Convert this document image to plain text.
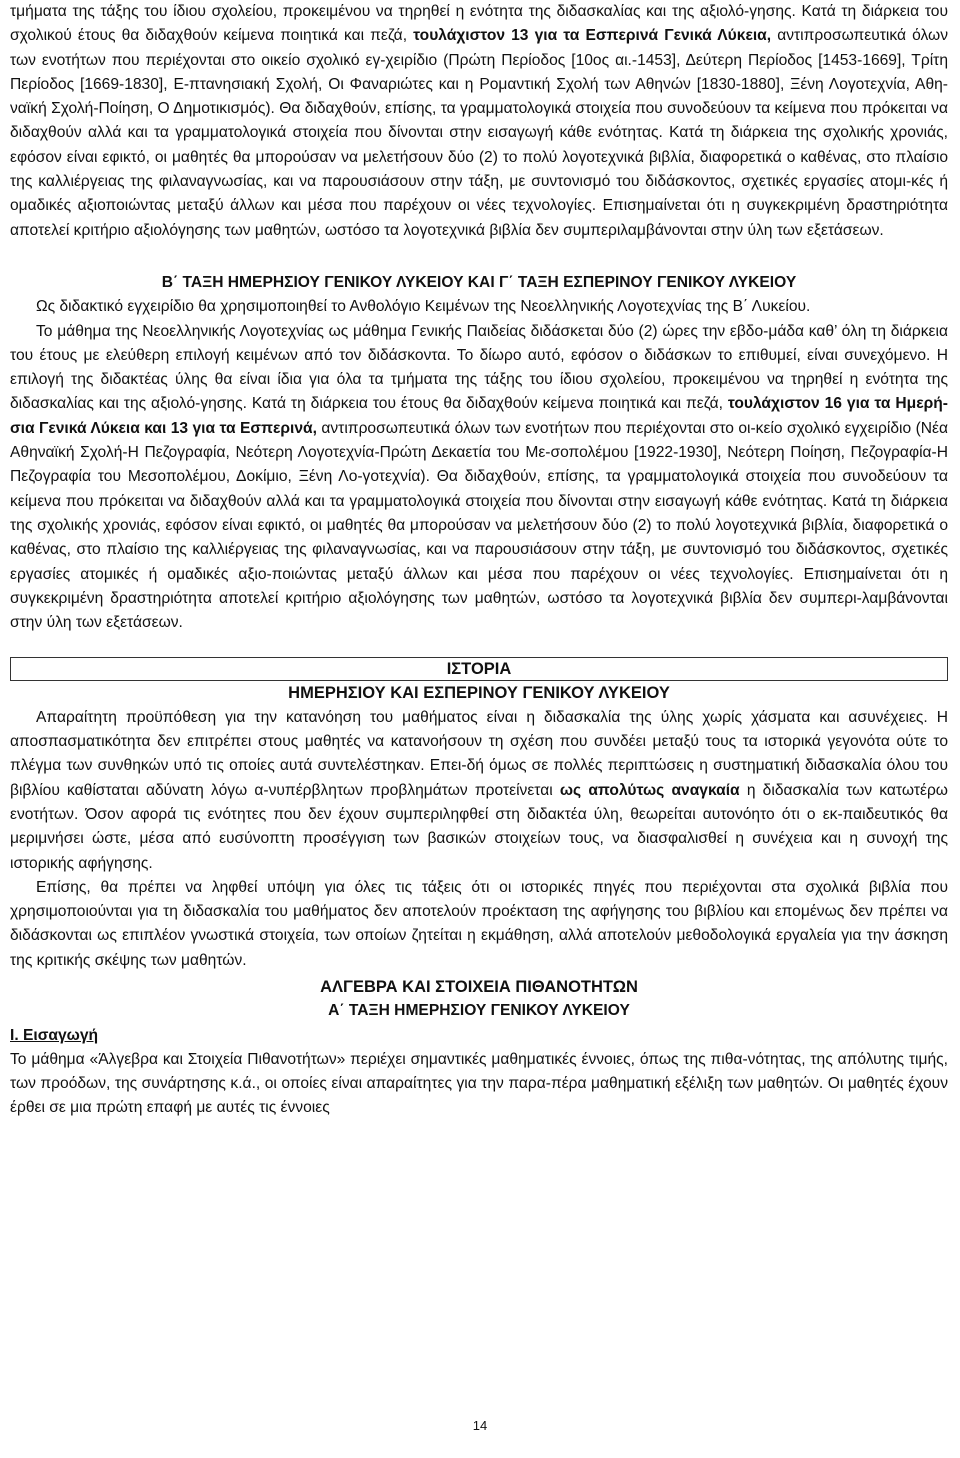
τμήματα της τάξης του ίδιου σχολείου, προκειμένου να τηρηθεί η ενότητα της διδασκαλίας και της αξιολό-γησης. Κατά τη διάρκεια του σχολικού έτους θα διδαχθούν κείμενα ποιητικά και πεζά, τουλάχιστον 13 για τα Εσπερινά Γενικά Λύκεια, αντιπροσωπευτικά όλων των ενοτήτων που περιέχονται στο οικείο σχολικό εγ-χειρίδιο (Πρώτη Περίοδος [10ος αι.-1453], Δεύτερη Περίοδος [1453-1669], Τρίτη Περίοδος [1669-1830], Ε-πτανησιακή Σχολή, Οι Φαναριώτες και η Ρομαντική Σχολή των Αθηνών [1830-1880], Ξένη Λογοτεχνία, Αθη-ναϊκή Σχολή-Ποίηση, Ο Δημοτικισμός). Θα διδαχθούν, επίσης, τα γραμματολογικά στοιχεία που συνοδεύουν τα κείμενα που πρόκειται να διδαχθούν αλλά και τα γραμματολογικά στοιχεία που δίνονται στην εισαγωγή κάθε ενότητας. Κατά τη διάρκεια της σχολικής χρονιάς, εφόσον είναι εφικτό, οι μαθητές θα μπορούσαν να μελετήσουν δύο (2) το πολύ λογοτεχνικά βιβλία, διαφορετικά ο καθένας, στο πλαίσιο της καλλιέργειας της φιλαναγνωσίας, και να παρουσιάσουν στην τάξη, με συντονισμό του διδάσκοντος, σχετικές εργασίες ατομι-κές ή ομαδικές αξιοποιώντας μεταξύ άλλων και μέσα που παρέχουν οι νέες τεχνολογίες. Επισημαίνεται ότι η συγκεκριμένη δραστηριότητα αποτελεί κριτήριο αξιολόγησης των μαθητών, ωστόσο τα λογοτεχνικά βιβλία δεν συμπεριλαμβάνονται στην ύλη των εξετάσεων.

Β΄ ΤΑΞΗ ΗΜΕΡΗΣΙΟΥ ΓΕΝΙΚΟΥ ΛΥΚΕΙΟΥ ΚΑΙ Γ΄ ΤΑΞΗ ΕΣΠΕΡΙΝΟΥ ΓΕΝΙΚΟΥ ΛΥΚΕΙΟΥ

Ως διδακτικό εγχειρίδιο θα χρησιμοποιηθεί το Ανθολόγιο Κειμένων της Νεοελληνικής Λογοτεχνίας της Β΄ Λυκείου.

Το μάθημα της Νεοελληνικής Λογοτεχνίας ως μάθημα Γενικής Παιδείας διδάσκεται δύο (2) ώρες την εβδο-μάδα καθ’ όλη τη διάρκεια του έτους με ελεύθερη επιλογή κειμένων από τον διδάσκοντα. Το δίωρο αυτό, εφόσον ο διδάσκων το επιθυμεί, είναι συνεχόμενο. Η επιλογή της διδακτέας ύλης θα είναι ίδια για όλα τα τμήματα της τάξης του ίδιου σχολείου, προκειμένου να τηρηθεί η ενότητα της διδασκαλίας και της αξιολό-γησης. Κατά τη διάρκεια του έτους θα διδαχθούν κείμενα ποιητικά και πεζά, τουλάχιστον 16 για τα Ημερή-σια Γενικά Λύκεια και 13 για τα Εσπερινά, αντιπροσωπευτικά όλων των ενοτήτων που περιέχονται στο οι-κείο σχολικό εγχειρίδιο (Νέα Αθηναϊκή Σχολή-Η Πεζογραφία, Νεότερη Λογοτεχνία-Πρώτη Δεκαετία του Με-σοπολέμου [1922-1930], Νεότερη Ποίηση, Πεζογραφία-Η Πεζογραφία του Μεσοπολέμου, Δοκίμιο, Ξένη Λο-γοτεχνία). Θα διδαχθούν, επίσης, τα γραμματολογικά στοιχεία που συνοδεύουν τα κείμενα που πρόκειται να διδαχθούν αλλά και τα γραμματολογικά στοιχεία που δίνονται στην εισαγωγή κάθε ενότητας. Κατά τη διάρκεια της σχολικής χρονιάς, εφόσον είναι εφικτό, οι μαθητές θα μπορούσαν να μελετήσουν δύο (2) το πολύ λογοτεχνικά βιβλία, διαφορετικά ο καθένας, στο πλαίσιο της καλλιέργειας της φιλαναγνωσίας, και να παρουσιάσουν στην τάξη, με συντονισμό του διδάσκοντος, σχετικές εργασίες ατομικές ή ομαδικές αξιο-ποιώντας μεταξύ άλλων και μέσα που παρέχουν οι νέες τεχνολογίες. Επισημαίνεται ότι η συγκεκριμένη δραστηριότητα αποτελεί κριτήριο αξιολόγησης των μαθητών, ωστόσο τα λογοτεχνικά βιβλία δεν συμπερι-λαμβάνονται στην ύλη των εξετάσεων.

ΙΣΤΟΡΙΑ

ΗΜΕΡΗΣΙΟΥ ΚΑΙ ΕΣΠΕΡΙΝΟΥ ΓΕΝΙΚΟΥ ΛΥΚΕΙΟΥ

Απαραίτητη προϋπόθεση για την κατανόηση του μαθήματος είναι η διδασκαλία της ύλης χωρίς χάσματα και ασυνέχειες. Η αποσπασματικότητα δεν επιτρέπει στους μαθητές να κατανοήσουν τη σχέση που συνδέει μεταξύ τους τα ιστορικά γεγονότα ούτε το πλέγμα των συνθηκών υπό τις οποίες αυτά συντελέστηκαν. Επει-δή όμως σε πολλές περιπτώσεις η συστηματική διδασκαλία όλου του βιβλίου καθίσταται αδύνατη λόγω α-νυπέρβλητων προβλημάτων προτείνεται ως απολύτως αναγκαία η διδασκαλία των κατωτέρω ενοτήτων. Όσον αφορά τις ενότητες που δεν έχουν συμπεριληφθεί στη διδακτέα ύλη, θεωρείται αυτονόητο ότι ο εκ-παιδευτικός θα μεριμνήσει ώστε, μέσα από ευσύνοπτη προσέγγιση των βασικών στοιχείων τους, να διασφαλισθεί η συνέχεια και η συνοχή της ιστορικής αφήγησης.

Επίσης, θα πρέπει να ληφθεί υπόψη για όλες τις τάξεις ότι οι ιστορικές πηγές που περιέχονται στα σχολικά βιβλία που χρησιμοποιούνται για τη διδασκαλία του μαθήματος δεν αποτελούν προέκταση της αφήγησης του βιβλίου και επομένως δεν πρέπει να διδάσκονται ως επιπλέον γνωστικά στοιχεία, των οποίων ζητείται η εκμάθηση, αλλά αποτελούν μεθοδολογικά εργαλεία για την άσκηση της κριτικής σκέψης των μαθητών.

ΑΛΓΕΒΡΑ ΚΑΙ ΣΤΟΙΧΕΙΑ ΠΙΘΑΝΟΤΗΤΩΝ

Α΄ ΤΑΞΗ ΗΜΕΡΗΣΙΟΥ ΓΕΝΙΚΟΥ ΛΥΚΕΙΟΥ

Ι. Εισαγωγή

Το μάθημα «Άλγεβρα και Στοιχεία Πιθανοτήτων» περιέχει σημαντικές μαθηματικές έννοιες, όπως της πιθα-νότητας, της απόλυτης τιμής, των προόδων, της συνάρτησης κ.ά., οι οποίες είναι απαραίτητες για την παρα-πέρα μαθηματική εξέλιξη των μαθητών. Οι μαθητές έχουν έρθει σε μια πρώτη επαφή με αυτές τις έννοιες

14
